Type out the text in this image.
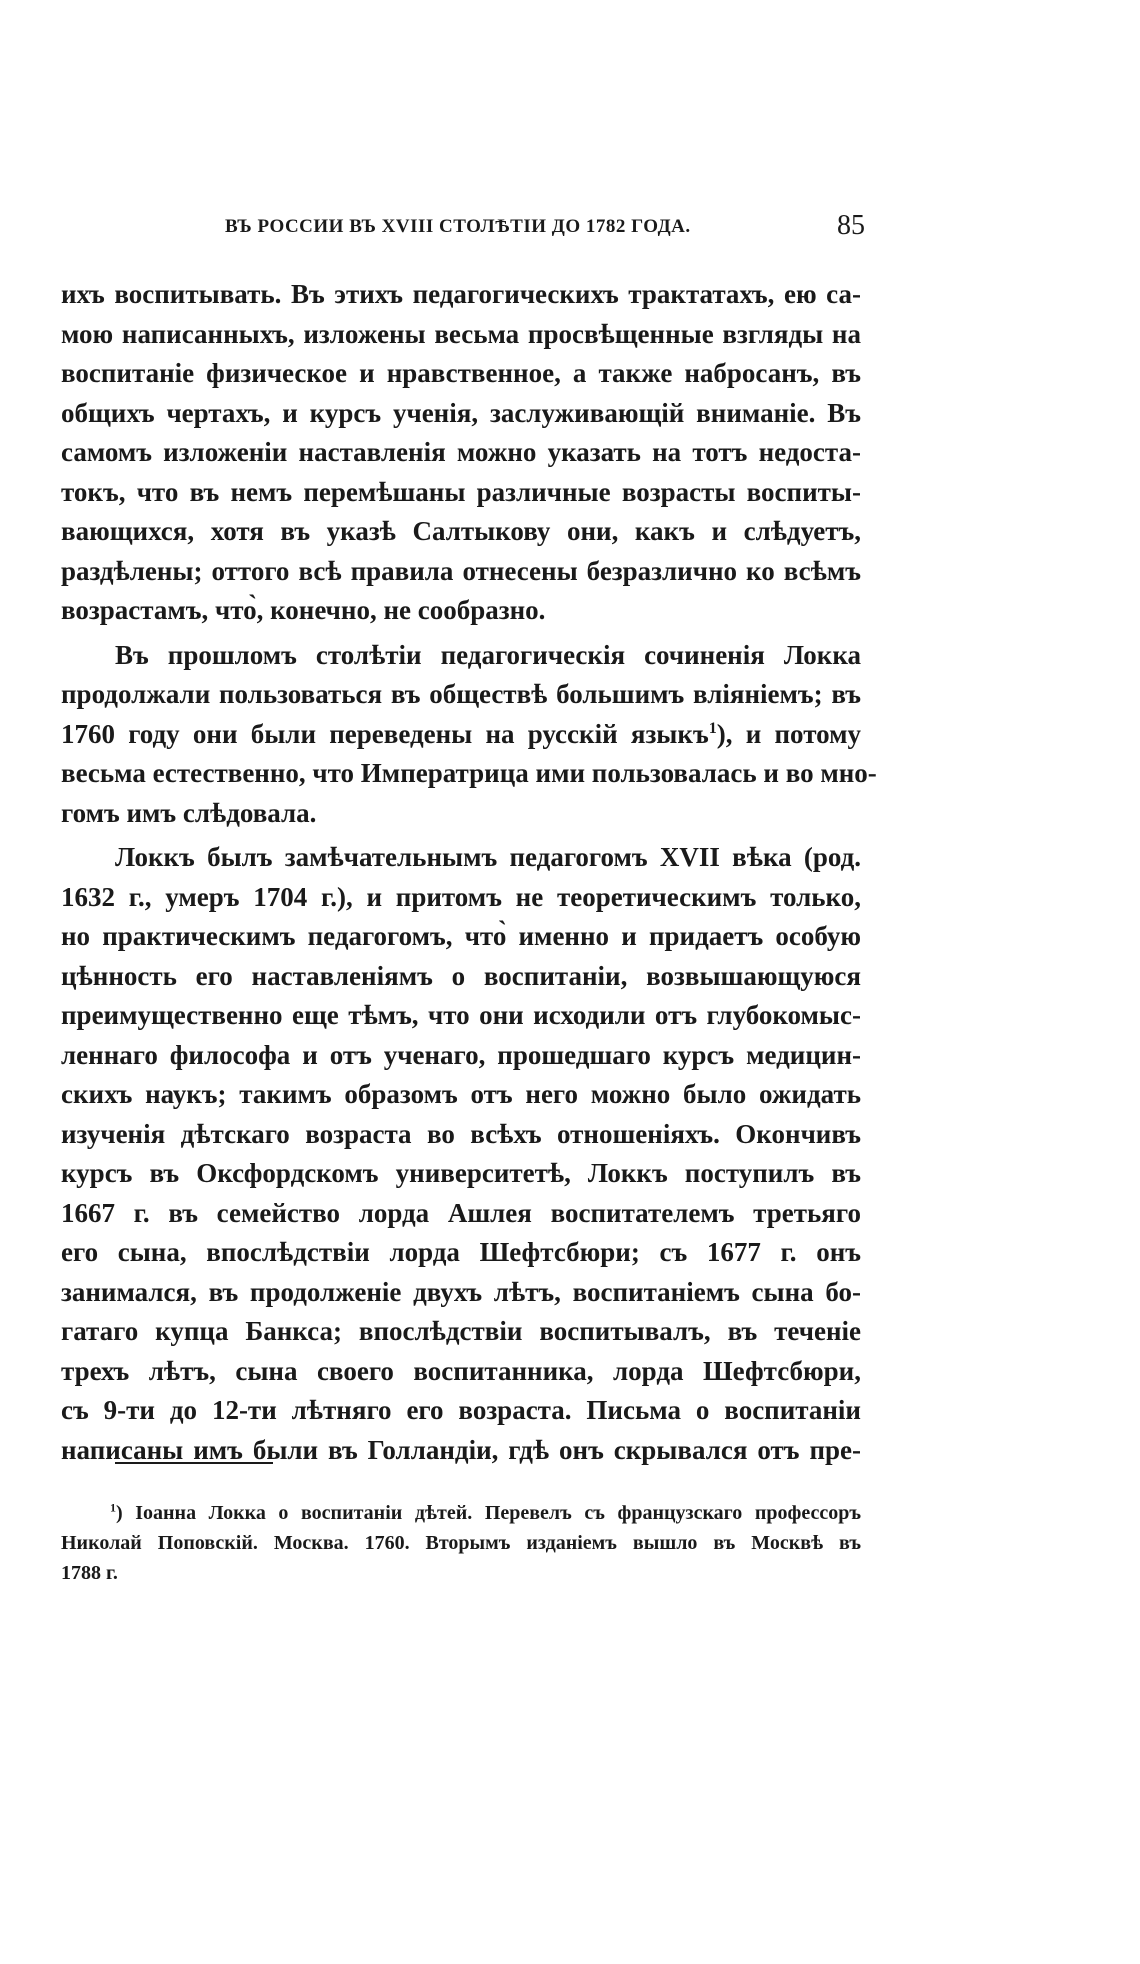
ВЪ РОССИИ ВЪ XVIII СТОЛѢТІИ ДО 1782 ГОДА.	85
ихъ воспитывать. Въ этихъ педагогическихъ трактатахъ, ею са-
мою написанныхъ, изложены весьма просвѣщенные взгляды на
воспитаніе физическое и нравственное, а также набросанъ, въ
общихъ чертахъ, и курсъ ученія, заслуживающій вниманіе. Въ
самомъ изложеніи наставленія можно указать на тотъ недоста-
токъ, что въ немъ перемѣшаны различные возрасты воспиты-
вающихся, хотя въ указѣ Салтыкову они, какъ и слѣдуетъ,
раздѣлены; оттого всѣ правила отнесены безразлично ко всѣмъ
возрастамъ, что̀, конечно, не сообразно.
Въ прошломъ столѣтіи педагогическія сочиненія Локка
продолжали пользоваться въ обществѣ большимъ вліяніемъ; въ
1760 году они были переведены на русскій языкъ$^1$), и потому
весьма естественно, что Императрица ими пользовалась и во мно-
гомъ имъ слѣдовала.
Локкъ былъ замѣчательнымъ педагогомъ XVII вѣка (род.
1632 г., умеръ 1704 г.), и притомъ не теоретическимъ только,
но практическимъ педагогомъ, что̀ именно и придаетъ особую
цѣнность его наставленіямъ о воспитаніи, возвышающуюся
преимущественно еще тѣмъ, что они исходили отъ глубокомыс-
леннаго философа и отъ ученаго, прошедшаго курсъ медицин-
скихъ наукъ; такимъ образомъ отъ него можно было ожидать
изученія дѣтскаго возраста во всѣхъ отношеніяхъ. Окончивъ
курсъ въ Оксфордскомъ университетѣ, Локкъ поступилъ въ
1667 г. въ семейство лорда Ашлея воспитателемъ третьяго
его сына, впослѣдствіи лорда Шефтсбюри; съ 1677 г. онъ
занимался, въ продолженіе двухъ лѣтъ, воспитаніемъ сына бо-
гатаго купца Банкса; впослѣдствіи воспитывалъ, въ теченіе
трехъ лѣтъ, сына своего воспитанника, лорда Шефтсбюри,
съ 9-ти до 12-ти лѣтняго его возраста. Письма о воспитаніи
написаны имъ были въ Голландіи, гдѣ онъ скрывался отъ пре-
$^1$) Іоанна Локка о воспитаніи дѣтей. Перевелъ съ французскаго профессоръ
Николай Поповскій. Москва. 1760. Вторымъ изданіемъ вышло въ Москвѣ въ
1788 г.
